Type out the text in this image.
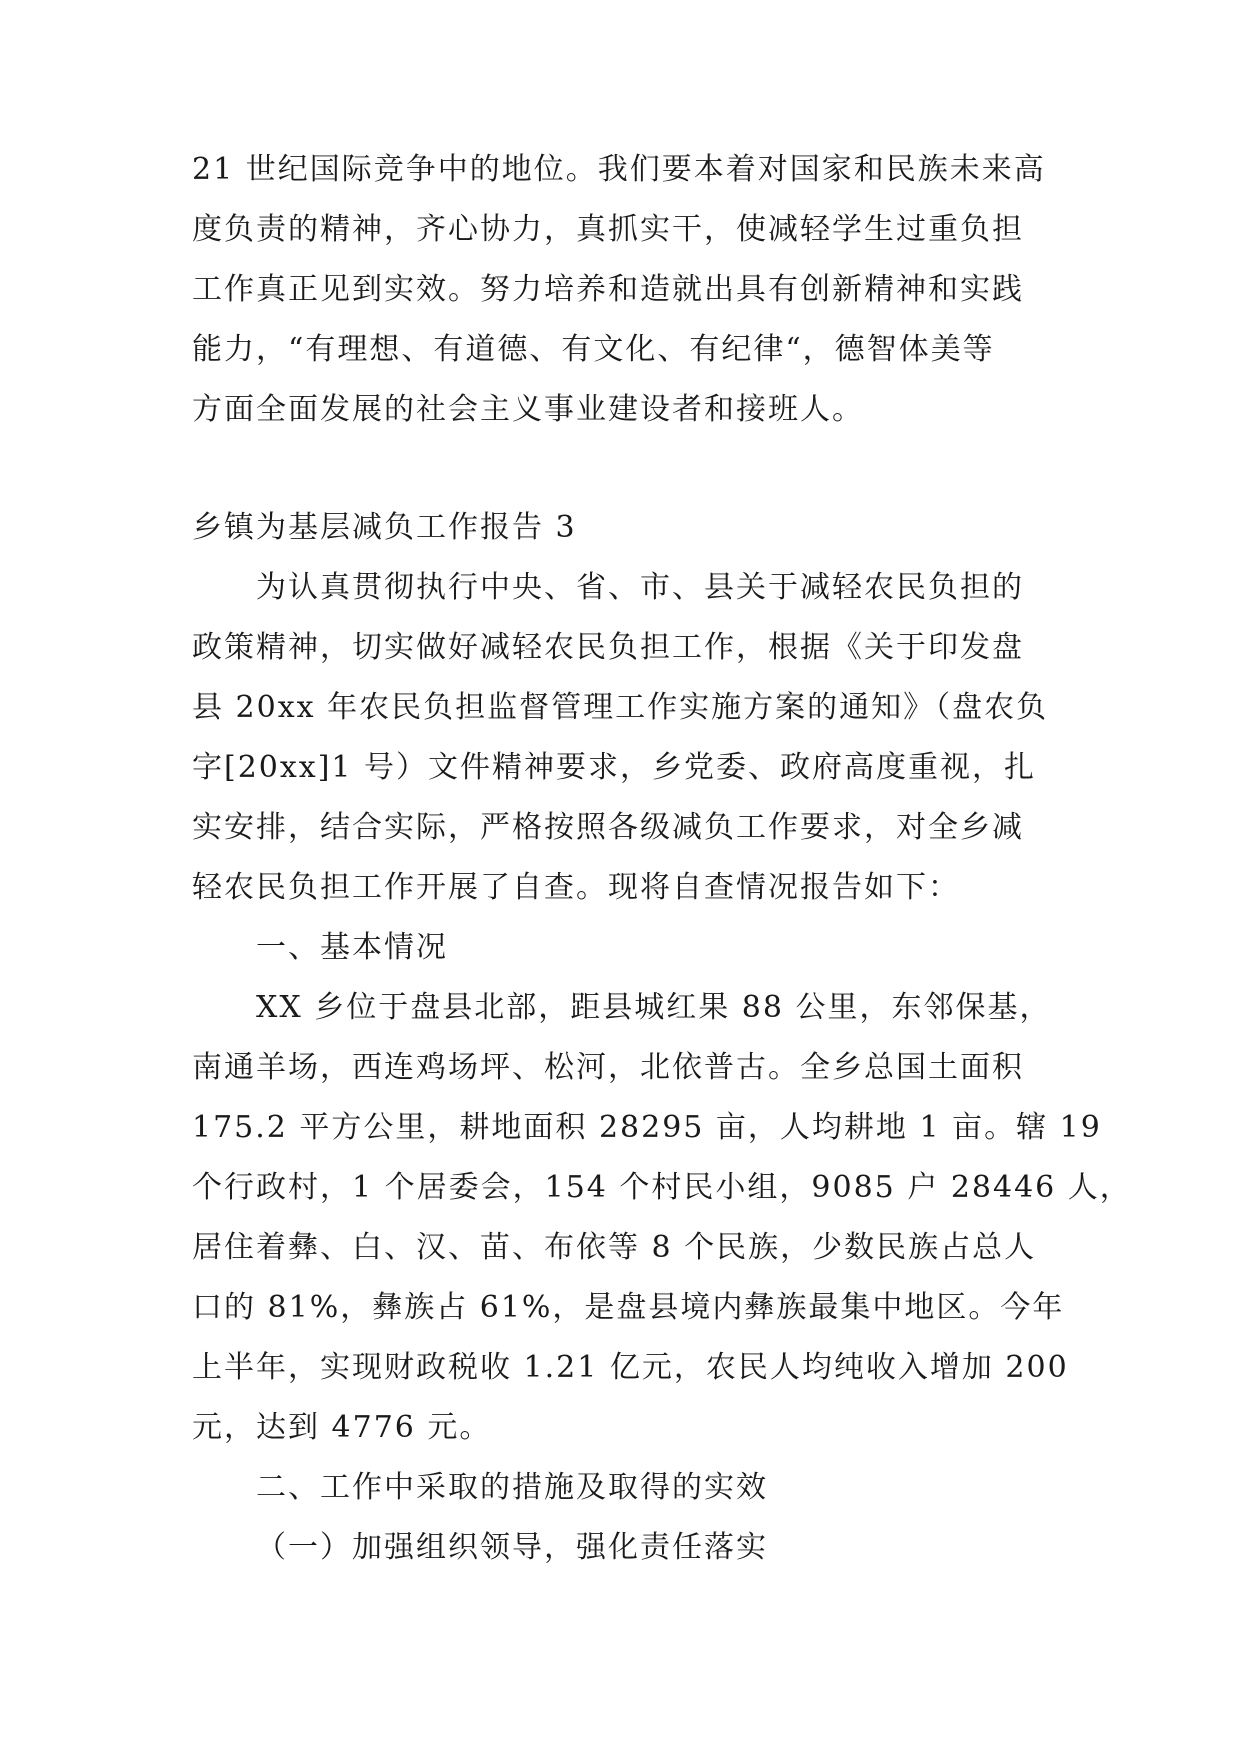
21 世纪国际竞争中的地位。我们要本着对国家和民族未来高
度负责的精神，齐心协力，真抓实干，使减轻学生过重负担
工作真正见到实效。努力培养和造就出具有创新精神和实践
能力，“有理想、有道德、有文化、有纪律“，德智体美等
方面全面发展的社会主义事业建设者和接班人。
乡镇为基层减负工作报告 3
为认真贯彻执行中央、省、市、县关于减轻农民负担的
政策精神，切实做好减轻农民负担工作，根据《关于印发盘
县 20xx 年农民负担监督管理工作实施方案的通知》（盘农负
字[20xx]1 号）文件精神要求，乡党委、政府高度重视，扎
实安排，结合实际，严格按照各级减负工作要求，对全乡减
轻农民负担工作开展了自查。现将自查情况报告如下：
一、基本情况
XX 乡位于盘县北部，距县城红果 88 公里，东邻保基，
南通羊场，西连鸡场坪、松河，北依普古。全乡总国土面积
175.2 平方公里，耕地面积 28295 亩，人均耕地 1 亩。辖 19
个行政村，1 个居委会，154 个村民小组，9085 户 28446 人，
居住着彝、白、汉、苗、布依等 8 个民族，少数民族占总人
口的 81%，彝族占 61%，是盘县境内彝族最集中地区。今年
上半年，实现财政税收 1.21 亿元，农民人均纯收入增加 200
元，达到 4776 元。
二、工作中采取的措施及取得的实效
（一）加强组织领导，强化责任落实
